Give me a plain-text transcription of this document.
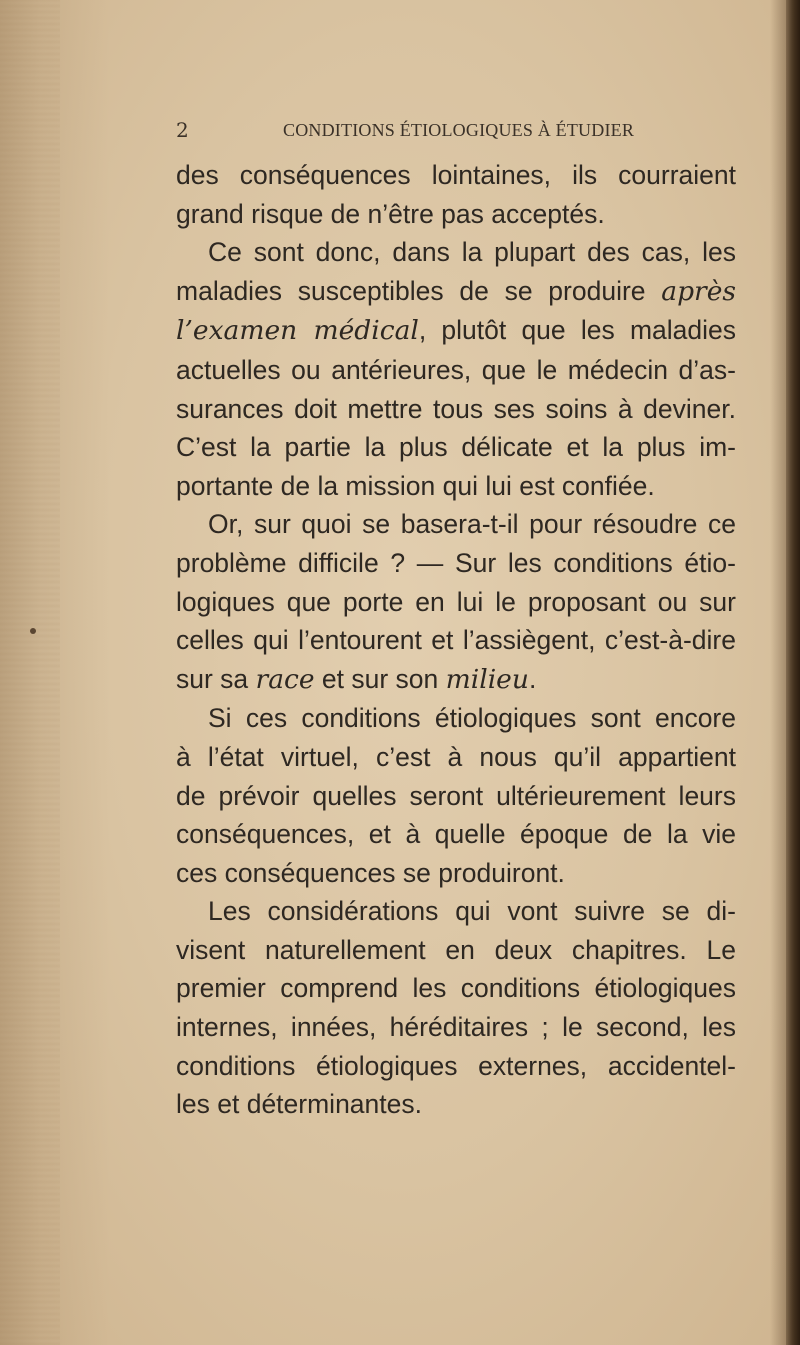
2	CONDITIONS ÉTIOLOGIQUES À ÉTUDIER
des conséquences lointaines, ils courraient
grand risque de n’être pas acceptés.
Ce sont donc, dans la plupart des cas, les
maladies susceptibles de se produire après
l’examen médical, plutôt que les maladies
actuelles ou antérieures, que le médecin d’as-
surances doit mettre tous ses soins à deviner.
C’est la partie la plus délicate et la plus im-
portante de la mission qui lui est confiée.
Or, sur quoi se basera-t-il pour résoudre ce
problème difficile ? — Sur les conditions étio-
logiques que porte en lui le proposant ou sur
celles qui l’entourent et l’assiègent, c’est-à-dire
sur sa race et sur son milieu.
Si ces conditions étiologiques sont encore
à l’état virtuel, c’est à nous qu’il appartient
de prévoir quelles seront ultérieurement leurs
conséquences, et à quelle époque de la vie
ces conséquences se produiront.
Les considérations qui vont suivre se di-
visent naturellement en deux chapitres. Le
premier comprend les conditions étiologiques
internes, innées, héréditaires ; le second, les
conditions étiologiques externes, accidentel-
les et déterminantes.
